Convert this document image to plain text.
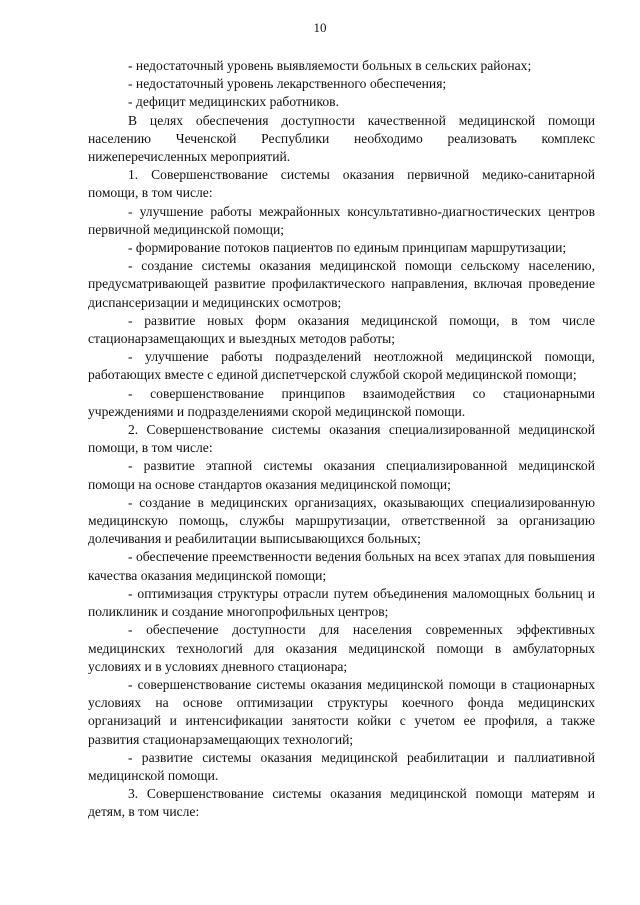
10

- недостаточный уровень выявляемости больных в сельских районах;

- недостаточный уровень лекарственного обеспечения;

- дефицит медицинских работников.

В целях обеспечения доступности качественной медицинской помощи населению Чеченской Республики необходимо реализовать комплекс нижеперечисленных мероприятий.

1. Совершенствование системы оказания первичной медико-санитарной помощи, в том числе:

- улучшение работы межрайонных консультативно-диагностических центров первичной медицинской помощи;

- формирование потоков пациентов по единым принципам маршрутизации;

- создание системы оказания медицинской помощи сельскому населению, предусматривающей развитие профилактического направления, включая проведение диспансеризации и медицинских осмотров;

- развитие новых форм оказания медицинской помощи, в том числе стационарзамещающих и выездных методов работы;

- улучшение работы подразделений неотложной медицинской помощи, работающих вместе с единой диспетчерской службой скорой медицинской помощи;

- совершенствование принципов взаимодействия со стационарными учреждениями и подразделениями скорой медицинской помощи.

2. Совершенствование системы оказания специализированной медицинской помощи, в том числе:

- развитие этапной системы оказания специализированной медицинской помощи на основе стандартов оказания медицинской помощи;

- создание в медицинских организациях, оказывающих специализированную медицинскую помощь, службы маршрутизации, ответственной за организацию долечивания и реабилитации выписывающихся больных;

- обеспечение преемственности ведения больных на всех этапах для повышения качества оказания медицинской помощи;

- оптимизация структуры отрасли путем объединения маломощных больниц и поликлиник и создание многопрофильных центров;

- обеспечение доступности для населения современных эффективных медицинских технологий для оказания медицинской помощи в амбулаторных условиях и в условиях дневного стационара;

- совершенствование системы оказания медицинской помощи в стационарных условиях на основе оптимизации структуры коечного фонда медицинских организаций и интенсификации занятости койки с учетом ее профиля, а также развития стационарзамещающих технологий;

- развитие системы оказания медицинской реабилитации и паллиативной медицинской помощи.

3. Совершенствование системы оказания медицинской помощи матерям и детям, в том числе:
